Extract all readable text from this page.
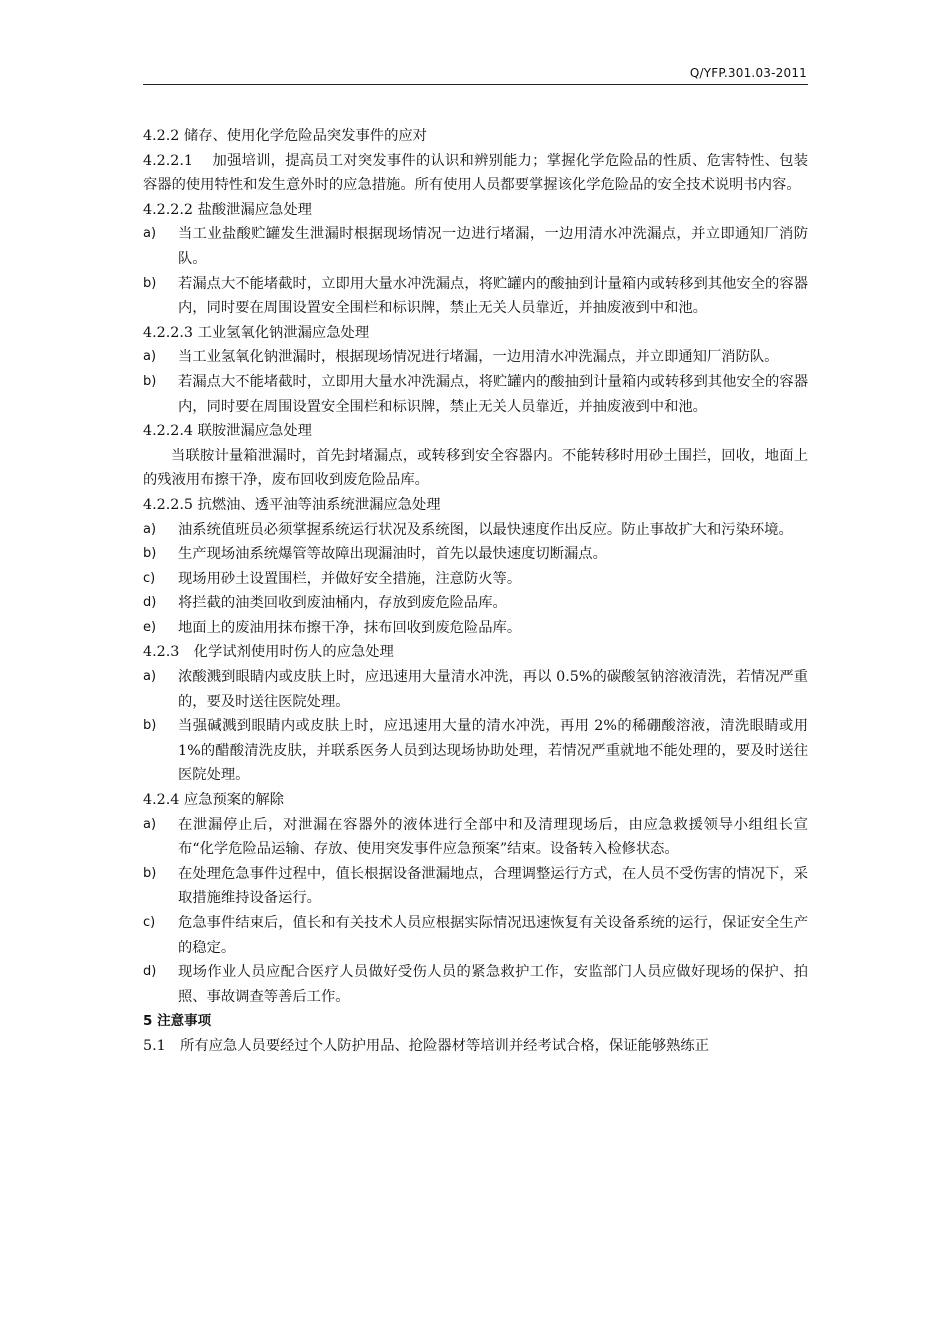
Q/YFP.301.03-2011

4.2.2 储存、使用化学危险品突发事件的应对

4.2.2.1　 加强培训，提高员工对突发事件的认识和辨别能力；掌握化学危险品的性质、危害特性、包装容器的使用特性和发生意外时的应急措施。所有使用人员都要掌握该化学危险品的安全技术说明书内容。

4.2.2.2 盐酸泄漏应急处理

a)	当工业盐酸贮罐发生泄漏时根据现场情况一边进行堵漏，一边用清水冲洗漏点，并立即通知厂消防队。
b)	若漏点大不能堵截时，立即用大量水冲洗漏点，将贮罐内的酸抽到计量箱内或转移到其他安全的容器内，同时要在周围设置安全围栏和标识牌，禁止无关人员靠近，并抽废液到中和池。

4.2.2.3 工业氢氧化钠泄漏应急处理

a)	当工业氢氧化钠泄漏时，根据现场情况进行堵漏，一边用清水冲洗漏点，并立即通知厂消防队。
b)	若漏点大不能堵截时，立即用大量水冲洗漏点，将贮罐内的酸抽到计量箱内或转移到其他安全的容器内，同时要在周围设置安全围栏和标识牌，禁止无关人员靠近，并抽废液到中和池。

4.2.2.4 联胺泄漏应急处理

当联胺计量箱泄漏时，首先封堵漏点，或转移到安全容器内。不能转移时用砂土围拦，回收，地面上的残液用布擦干净，废布回收到废危险品库。

4.2.2.5 抗燃油、透平油等油系统泄漏应急处理

a)	油系统值班员必须掌握系统运行状况及系统图，以最快速度作出反应。防止事故扩大和污染环境。
b)	生产现场油系统爆管等故障出现漏油时，首先以最快速度切断漏点。
c)	现场用砂土设置围栏，并做好安全措施，注意防火等。
d)	将拦截的油类回收到废油桶内，存放到废危险品库。
e)	地面上的废油用抹布擦干净，抹布回收到废危险品库。

4.2.3　化学试剂使用时伤人的应急处理

a)	浓酸溅到眼睛内或皮肤上时，应迅速用大量清水冲洗，再以 0.5%的碳酸氢钠溶液清洗，若情况严重的，要及时送往医院处理。
b)	当强碱溅到眼睛内或皮肤上时，应迅速用大量的清水冲洗，再用 2%的稀硼酸溶液，清洗眼睛或用 1%的醋酸清洗皮肤，并联系医务人员到达现场协助处理，若情况严重就地不能处理的，要及时送往医院处理。

4.2.4 应急预案的解除

a)	在泄漏停止后，对泄漏在容器外的液体进行全部中和及清理现场后，由应急救援领导小组组长宣布“化学危险品运输、存放、使用突发事件应急预案”结束。设备转入检修状态。
b)	在处理危急事件过程中，值长根据设备泄漏地点，合理调整运行方式，在人员不受伤害的情况下，采取措施维持设备运行。
c)	危急事件结束后，值长和有关技术人员应根据实际情况迅速恢复有关设备系统的运行，保证安全生产的稳定。
d)	现场作业人员应配合医疗人员做好受伤人员的紧急救护工作，安监部门人员应做好现场的保护、拍照、事故调查等善后工作。

5 注意事项

5.1　所有应急人员要经过个人防护用品、抢险器材等培训并经考试合格，保证能够熟练正
